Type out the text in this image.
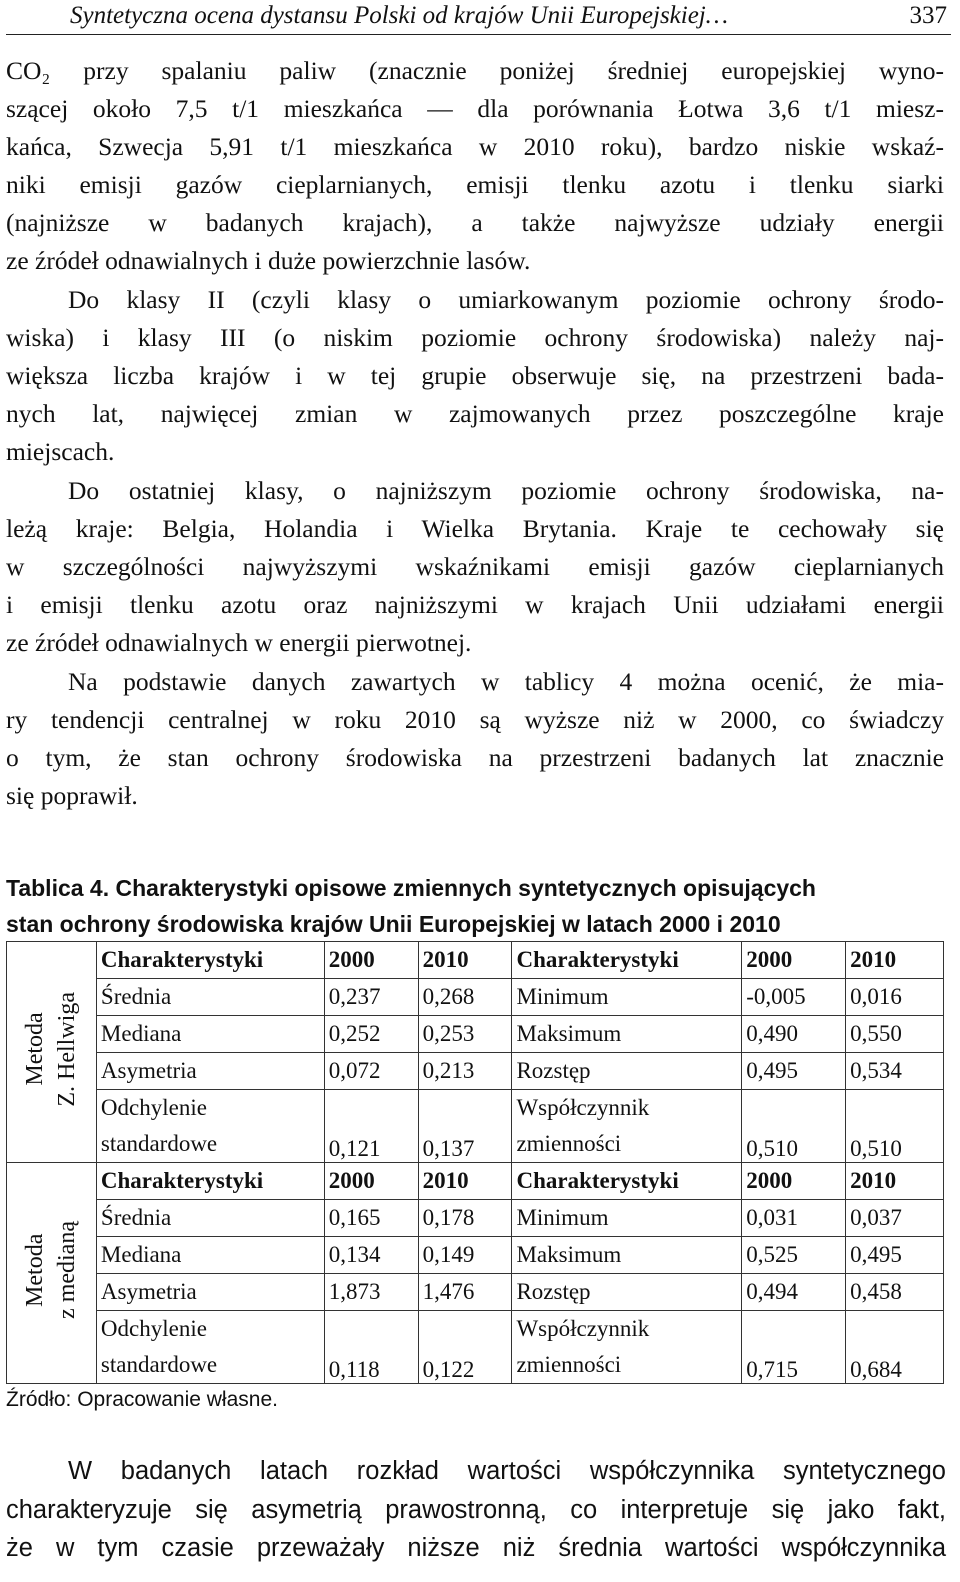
Syntetyczna ocena dystansu Polski od krajów Unii Europejskiej…	337
CO₂ przy spalaniu paliw (znacznie poniżej średniej europejskiej wyno-
szącej około 7,5 t/1 mieszkańca — dla porównania Łotwa 3,6 t/1 miesz-
kańca, Szwecja 5,91 t/1 mieszkańca w 2010 roku), bardzo niskie wskaź-
niki emisji gazów cieplarnianych, emisji tlenku azotu i tlenku siarki
(najniższe w badanych krajach), a także najwyższe udziały energii
ze źródeł odnawialnych i duże powierzchnie lasów.
Do klasy II (czyli klasy o umiarkowanym poziomie ochrony środo-
wiska) i klasy III (o niskim poziomie ochrony środowiska) należy naj-
większa liczba krajów i w tej grupie obserwuje się, na przestrzeni bada-
nych lat, najwięcej zmian w zajmowanych przez poszczególne kraje
miejscach.
Do ostatniej klasy, o najniższym poziomie ochrony środowiska, na-
leżą kraje: Belgia, Holandia i Wielka Brytania. Kraje te cechowały się
w szczególności najwyższymi wskaźnikami emisji gazów cieplarnianych
i emisji tlenku azotu oraz najniższymi w krajach Unii udziałami energii
ze źródeł odnawialnych w energii pierwotnej.
Na podstawie danych zawartych w tablicy 4 można ocenić, że mia-
ry tendencji centralnej w roku 2010 są wyższe niż w 2000, co świadczy
o tym, że stan ochrony środowiska na przestrzeni badanych lat znacznie
się poprawił.
Tablica 4. Charakterystyki opisowe zmiennych syntetycznych opisujących
stan ochrony środowiska krajów Unii Europejskiej w latach 2000 i 2010
Metoda Z. Hellwiga	Charakterystyki	2000	2010	Charakterystyki	2000	2010
	Średnia	0,237	0,268	Minimum	-0,005	0,016
	Mediana	0,252	0,253	Maksimum	0,490	0,550
	Asymetria	0,072	0,213	Rozstęp	0,495	0,534
	Odchylenie	0,121	0,137	Współczynnik	0,510	0,510
	standardowe			zmienności		
Metoda z medianą	Charakterystyki	2000	2010	Charakterystyki	2000	2010
	Średnia	0,165	0,178	Minimum	0,031	0,037
	Mediana	0,134	0,149	Maksimum	0,525	0,495
	Asymetria	1,873	1,476	Rozstęp	0,494	0,458
	Odchylenie	0,118	0,122	Współczynnik	0,715	0,684
	standardowe			zmienności		
Źródło: Opracowanie własne.
W badanych latach rozkład wartości współczynnika syntetycznego
charakteryzuje się asymetrią prawostronną, co interpretuje się jako fakt,
że w tym czasie przeważały niższe niż średnia wartości współczynnika
